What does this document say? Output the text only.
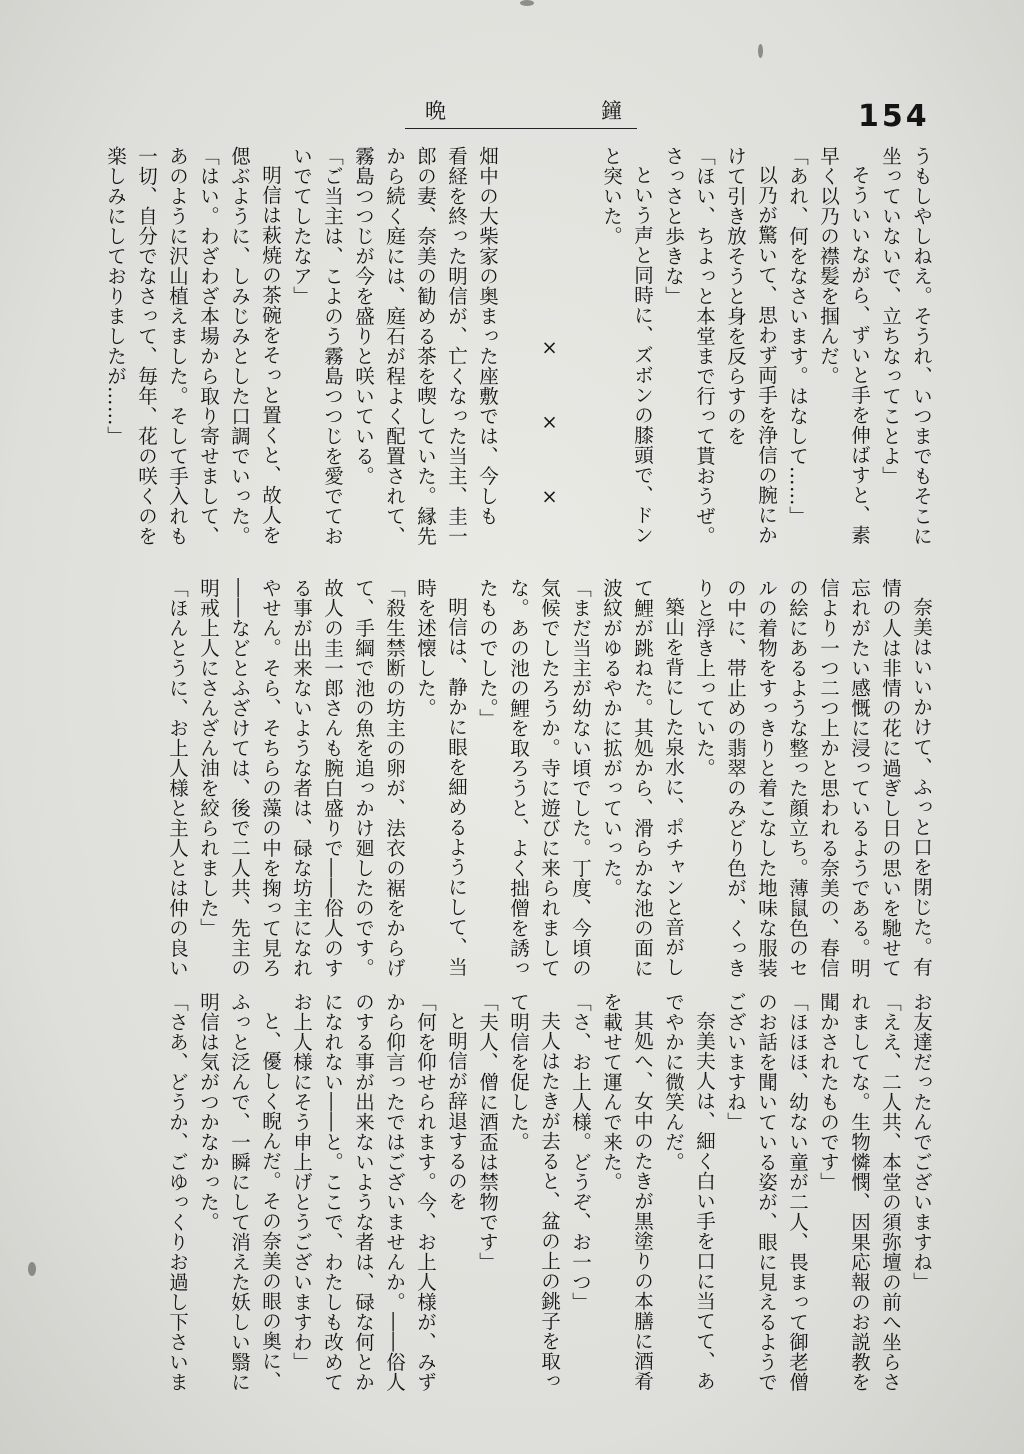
晩	鐘	154
うもしやしねえ。そうれ、いつまでもそこに
坐っていないで、立ちなってことよ」
そういいながら、ずいと手を伸ばすと、素
早く以乃の襟髪を掴んだ。
「あれ、何をなさいます。はなして……」
以乃が驚いて、思わず両手を浄信の腕にか
けて引き放そうと身を反らすのを
「ほい、ちよっと本堂まで行って貰おうぜ。
さっさと歩きな」
という声と同時に、ズボンの膝頭で、ドン
と突いた。
×　×　×
畑中の大柴家の奥まった座敷では、今しも
看経を終った明信が、亡くなった当主、圭一
郎の妻、奈美の勧める茶を喫していた。縁先
から続く庭には、庭石が程よく配置されて、
霧島つつじが今を盛りと咲いている。
「ご当主は、こよのう霧島つつじを愛でてお
いでてしたなア」
明信は萩焼の茶碗をそっと置くと、故人を
偲ぶように、しみじみとした口調でいった。
「はい。わざわざ本場から取り寄せまして、
あのように沢山植えました。そして手入れも
一切、自分でなさって、毎年、花の咲くのを
楽しみにしておりましたが……」
奈美はいいかけて、ふっと口を閉じた。有
情の人は非情の花に過ぎし日の思いを馳せて
忘れがたい感慨に浸っているようである。明
信より一つ二つ上かと思われる奈美の、春信
の絵にあるような整った顔立ち。薄鼠色のセ
ルの着物をすっきりと着こなした地味な服装
の中に、帯止めの翡翠のみどり色が、くっき
りと浮き上っていた。
築山を背にした泉水に、ポチャンと音がし
て鯉が跳ねた。其処から、滑らかな池の面に
波紋がゆるやかに拡がっていった。
「まだ当主が幼ない頃でした。丁度、今頃の
気候でしたろうか。寺に遊びに来られまして
な。あの池の鯉を取ろうと、よく拙僧を誘っ
たものでした。」
明信は、静かに眼を細めるようにして、当
時を述懐した。
「殺生禁断の坊主の卵が、法衣の裾をからげ
て、手綱で池の魚を追っかけ廻したのです。
故人の圭一郎さんも腕白盛りで――俗人のす
る事が出来ないような者は、碌な坊主になれ
やせん。そら、そちらの藻の中を掬って見ろ
――などとふざけては、後で二人共、先主の
明戒上人にさんざん油を絞られました」
「ほんとうに、お上人様と主人とは仲の良い
お友達だったんでございますね」
「ええ、二人共、本堂の須弥壇の前へ坐らさ
れましてな。生物憐憫、因果応報のお説教を
聞かされたものです」
「ほほほ、幼ない童が二人、畏まって御老僧
のお話を聞いている姿が、眼に見えるようで
ございますね」
奈美夫人は、細く白い手を口に当てて、あ
でやかに微笑んだ。
其処へ、女中のたきが黒塗りの本膳に酒肴
を載せて運んで来た。
「さ、お上人様。どうぞ、お一つ」
夫人はたきが去ると、盆の上の銚子を取っ
て明信を促した。
「夫人、僧に酒盃は禁物です」
と明信が辞退するのを
「何を仰せられます。今、お上人様が、みず
から仰言ったではございませんか。――俗人
のする事が出来ないような者は、碌な何とか
になれない――と。ここで、わたしも改めて
お上人様にそう申上げとうございますわ」
と、優しく睨んだ。その奈美の眼の奥に、
ふっと泛んで、一瞬にして消えた妖しい翳に
明信は気がつかなかった。
「さあ、どうか、ごゆっくりお過し下さいま
